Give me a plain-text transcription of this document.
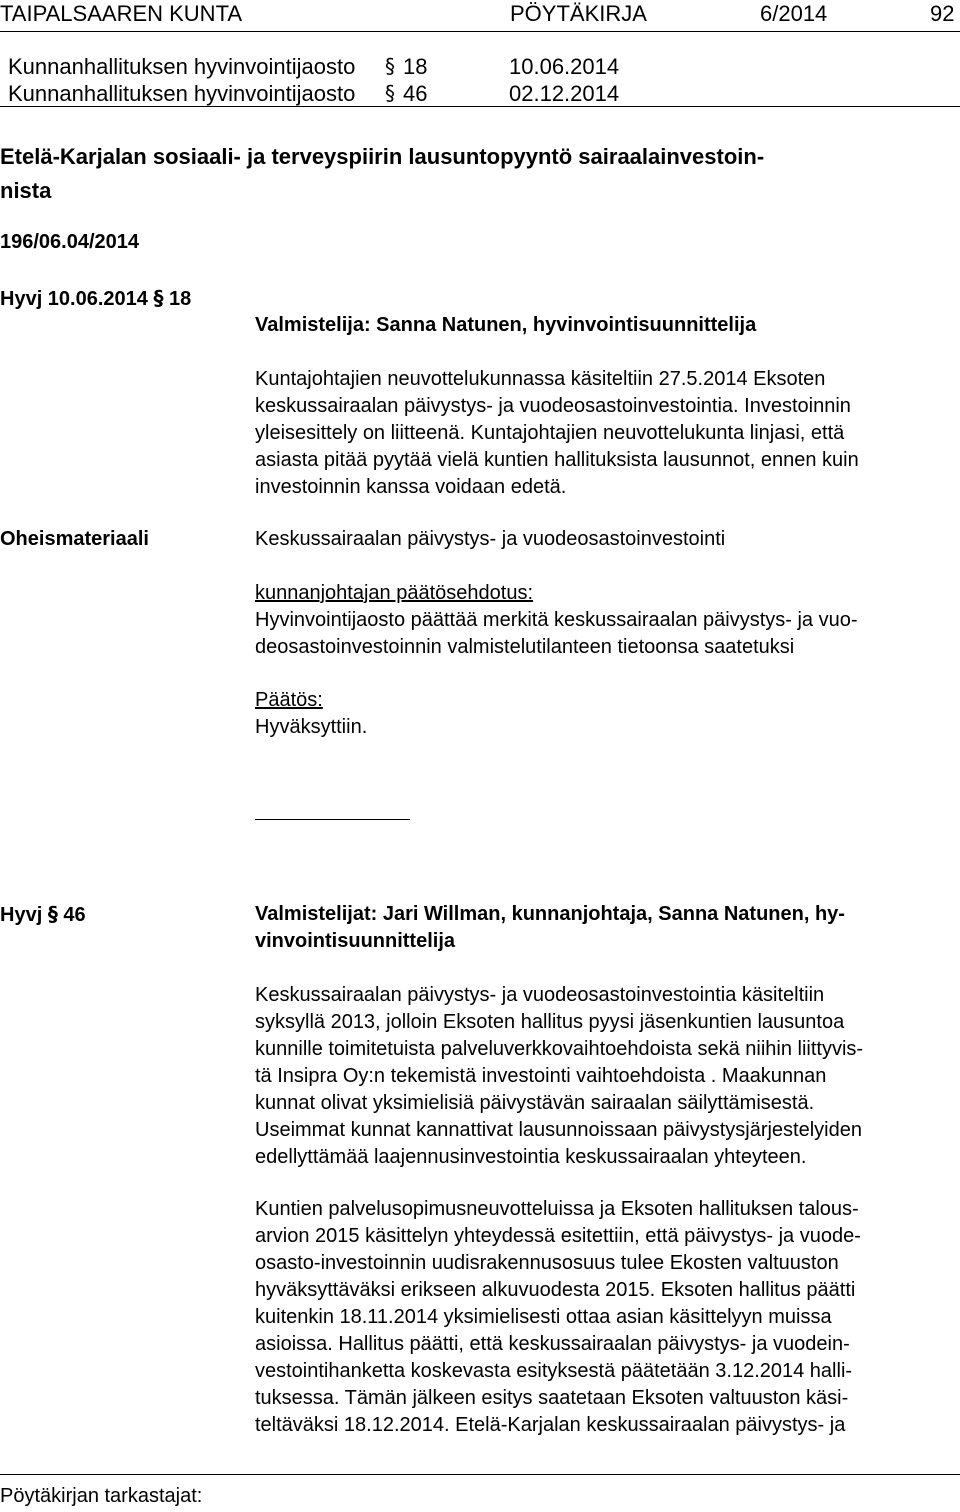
TAIPALSAAREN KUNTA	PÖYTÄKIRJA	6/2014	92
Kunnanhallituksen hyvinvointijaosto § 18	10.06.2014
Kunnanhallituksen hyvinvointijaosto § 46	02.12.2014
Etelä-Karjalan sosiaali- ja terveyspiirin lausuntopyyntö sairaalainvestoin-
nista
196/06.04/2014
Hyvj 10.06.2014 § 18
Valmistelija: Sanna Natunen, hyvinvointisuunnittelija
Kuntajohtajien neuvottelukunnassa käsiteltiin 27.5.2014 Eksoten
keskussairaalan päivystys- ja vuodeosastoinvestointia. Investoinnin
yleisesittely on liitteenä. Kuntajohtajien neuvottelukunta linjasi, että
asiasta pitää pyytää vielä kuntien hallituksista lausunnot, ennen kuin
investoinnin kanssa voidaan edetä.
Oheismateriaali	Keskussairaalan päivystys- ja vuodeosastoinvestointi
kunnanjohtajan päätösehdotus:
Hyvinvointijaosto päättää merkitä keskussairaalan päivystys- ja vuo-
deosastoinvestoinnin valmistelutilanteen tietoonsa saatetuksi
Päätös:
Hyväksyttiin.
Hyvj § 46	Valmistelijat: Jari Willman, kunnanjohtaja, Sanna Natunen, hy-
vinvointisuunnittelija
Keskussairaalan päivystys- ja vuodeosastoinvestointia käsiteltiin
syksyllä 2013, jolloin Eksoten hallitus pyysi jäsenkuntien lausuntoa
kunnille toimitetuista palveluverkkovaihtoehdoista sekä niihin liittyvis-
tä Insipra Oy:n tekemistä investointi vaihtoehdoista . Maakunnan
kunnat olivat yksimielisiä päivystävän sairaalan säilyttämisestä.
Useimmat kunnat kannattivat lausunnoissaan päivystysjärjestelyiden
edellyttämää laajennusinvestointia keskussairaalan yhteyteen.
Kuntien palvelusopimusneuvotteluissa ja Eksoten hallituksen talous-
arvion 2015 käsittelyn yhteydessä esitettiin, että päivystys- ja vuode-
osasto-investoinnin uudisrakennusosuus tulee Ekosten valtuuston
hyväksyttäväksi erikseen alkuvuodesta 2015. Eksoten hallitus päätti
kuitenkin 18.11.2014 yksimielisesti ottaa asian käsittelyyn muissa
asioissa. Hallitus päätti, että keskussairaalan päivystys- ja vuodein-
vestointihanketta koskevasta esityksestä päätetään 3.12.2014 halli-
tuksessa. Tämän jälkeen esitys saatetaan Eksoten valtuuston käsi-
teltäväksi 18.12.2014. Etelä-Karjalan keskussairaalan päivystys- ja
Pöytäkirjan tarkastajat:
